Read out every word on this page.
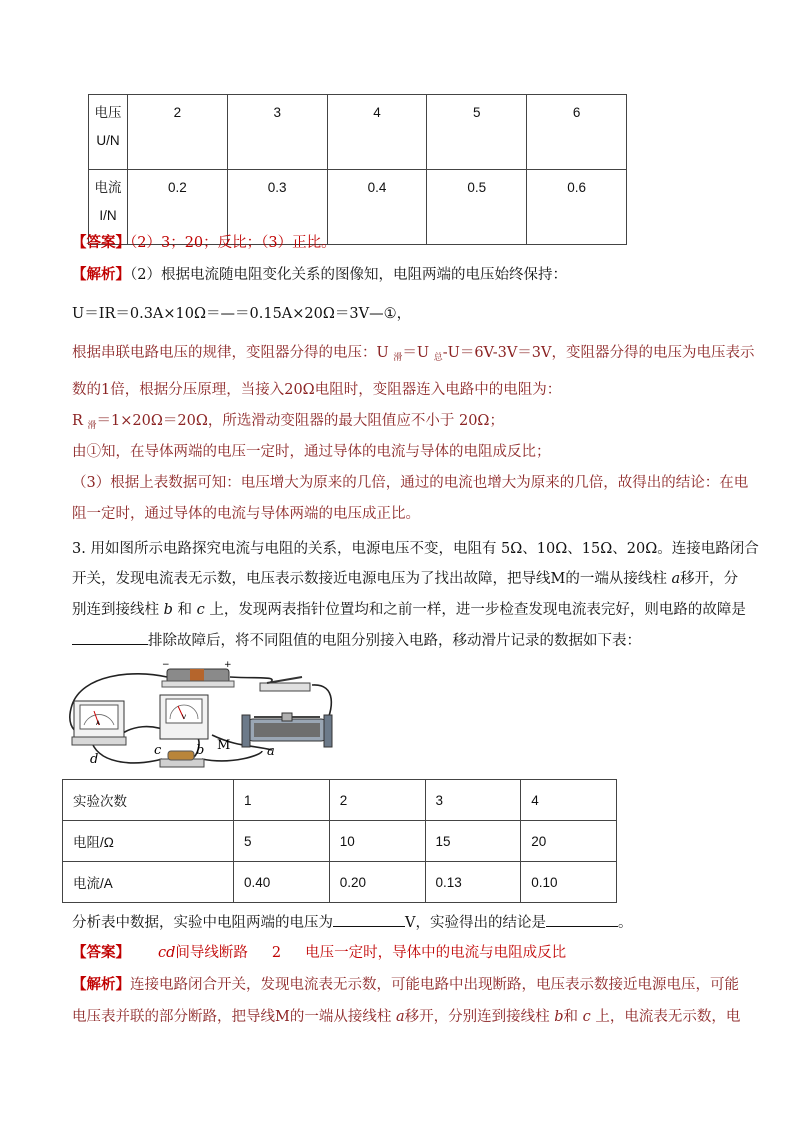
电压
U/N	2	3	4	5	6
电流
I/N	0.2	0.3	0.4	0.5	0.6
【答案】（2）3；20；反比；（3）正比。
【解析】（2）根据电流随电阻变化关系的图像知，电阻两端的电压始终保持：
U＝IR＝0.3A×10Ω＝—＝0.15A×20Ω＝3V—①，
根据串联电路电压的规律，变阻器分得的电压：U $_滑$＝U $_总$-U＝6V-3V＝3V，变阻器分得的电压为电压表示
数的1倍，根据分压原理，当接入20Ω电阻时，变阻器连入电路中的电阻为：
R $_滑$＝1×20Ω＝20Ω，所选滑动变阻器的最大阻值应不小于 20Ω；
由①知，在导体两端的电压一定时，通过导体的电流与导体的电阻成反比；
（3）根据上表数据可知：电压增大为原来的几倍，通过的电流也增大为原来的几倍，故得出的结论：在电
阻一定时，通过导体的电流与导体两端的电压成正比。
3. 用如图所示电路探究电流与电阻的关系，电源电压不变，电阻有 5Ω、10Ω、15Ω、20Ω。连接电路闭合
开关，发现电流表无示数，电压表示数接近电源电压为了找出故障，把导线M的一端从接线柱 a移开，分
别连到接线柱 b 和 c 上，发现两表指针位置均和之前一样，进一步检查发现电流表完好，则电路的故障是
排除故障后，将不同阻值的电阻分别接入电路，移动滑片记录的数据如下表：
−	+
A
V
d
c	b M	a
实验次数	1	2	3	4
电阻/Ω	5	10	15	20
电流/A	0.40	0.20	0.13	0.10
分析表中数据，实验中电阻两端的电压为	V，实验得出的结论是	。
【答案】 cd间导线断路 2 电压一定时，导体中的电流与电阻成反比
【解析】连接电路闭合开关，发现电流表无示数，可能电路中出现断路，电压表示数接近电源电压，可能
电压表并联的部分断路，把导线M的一端从接线柱 a移开，分别连到接线柱 b和 c 上，电流表无示数，电
